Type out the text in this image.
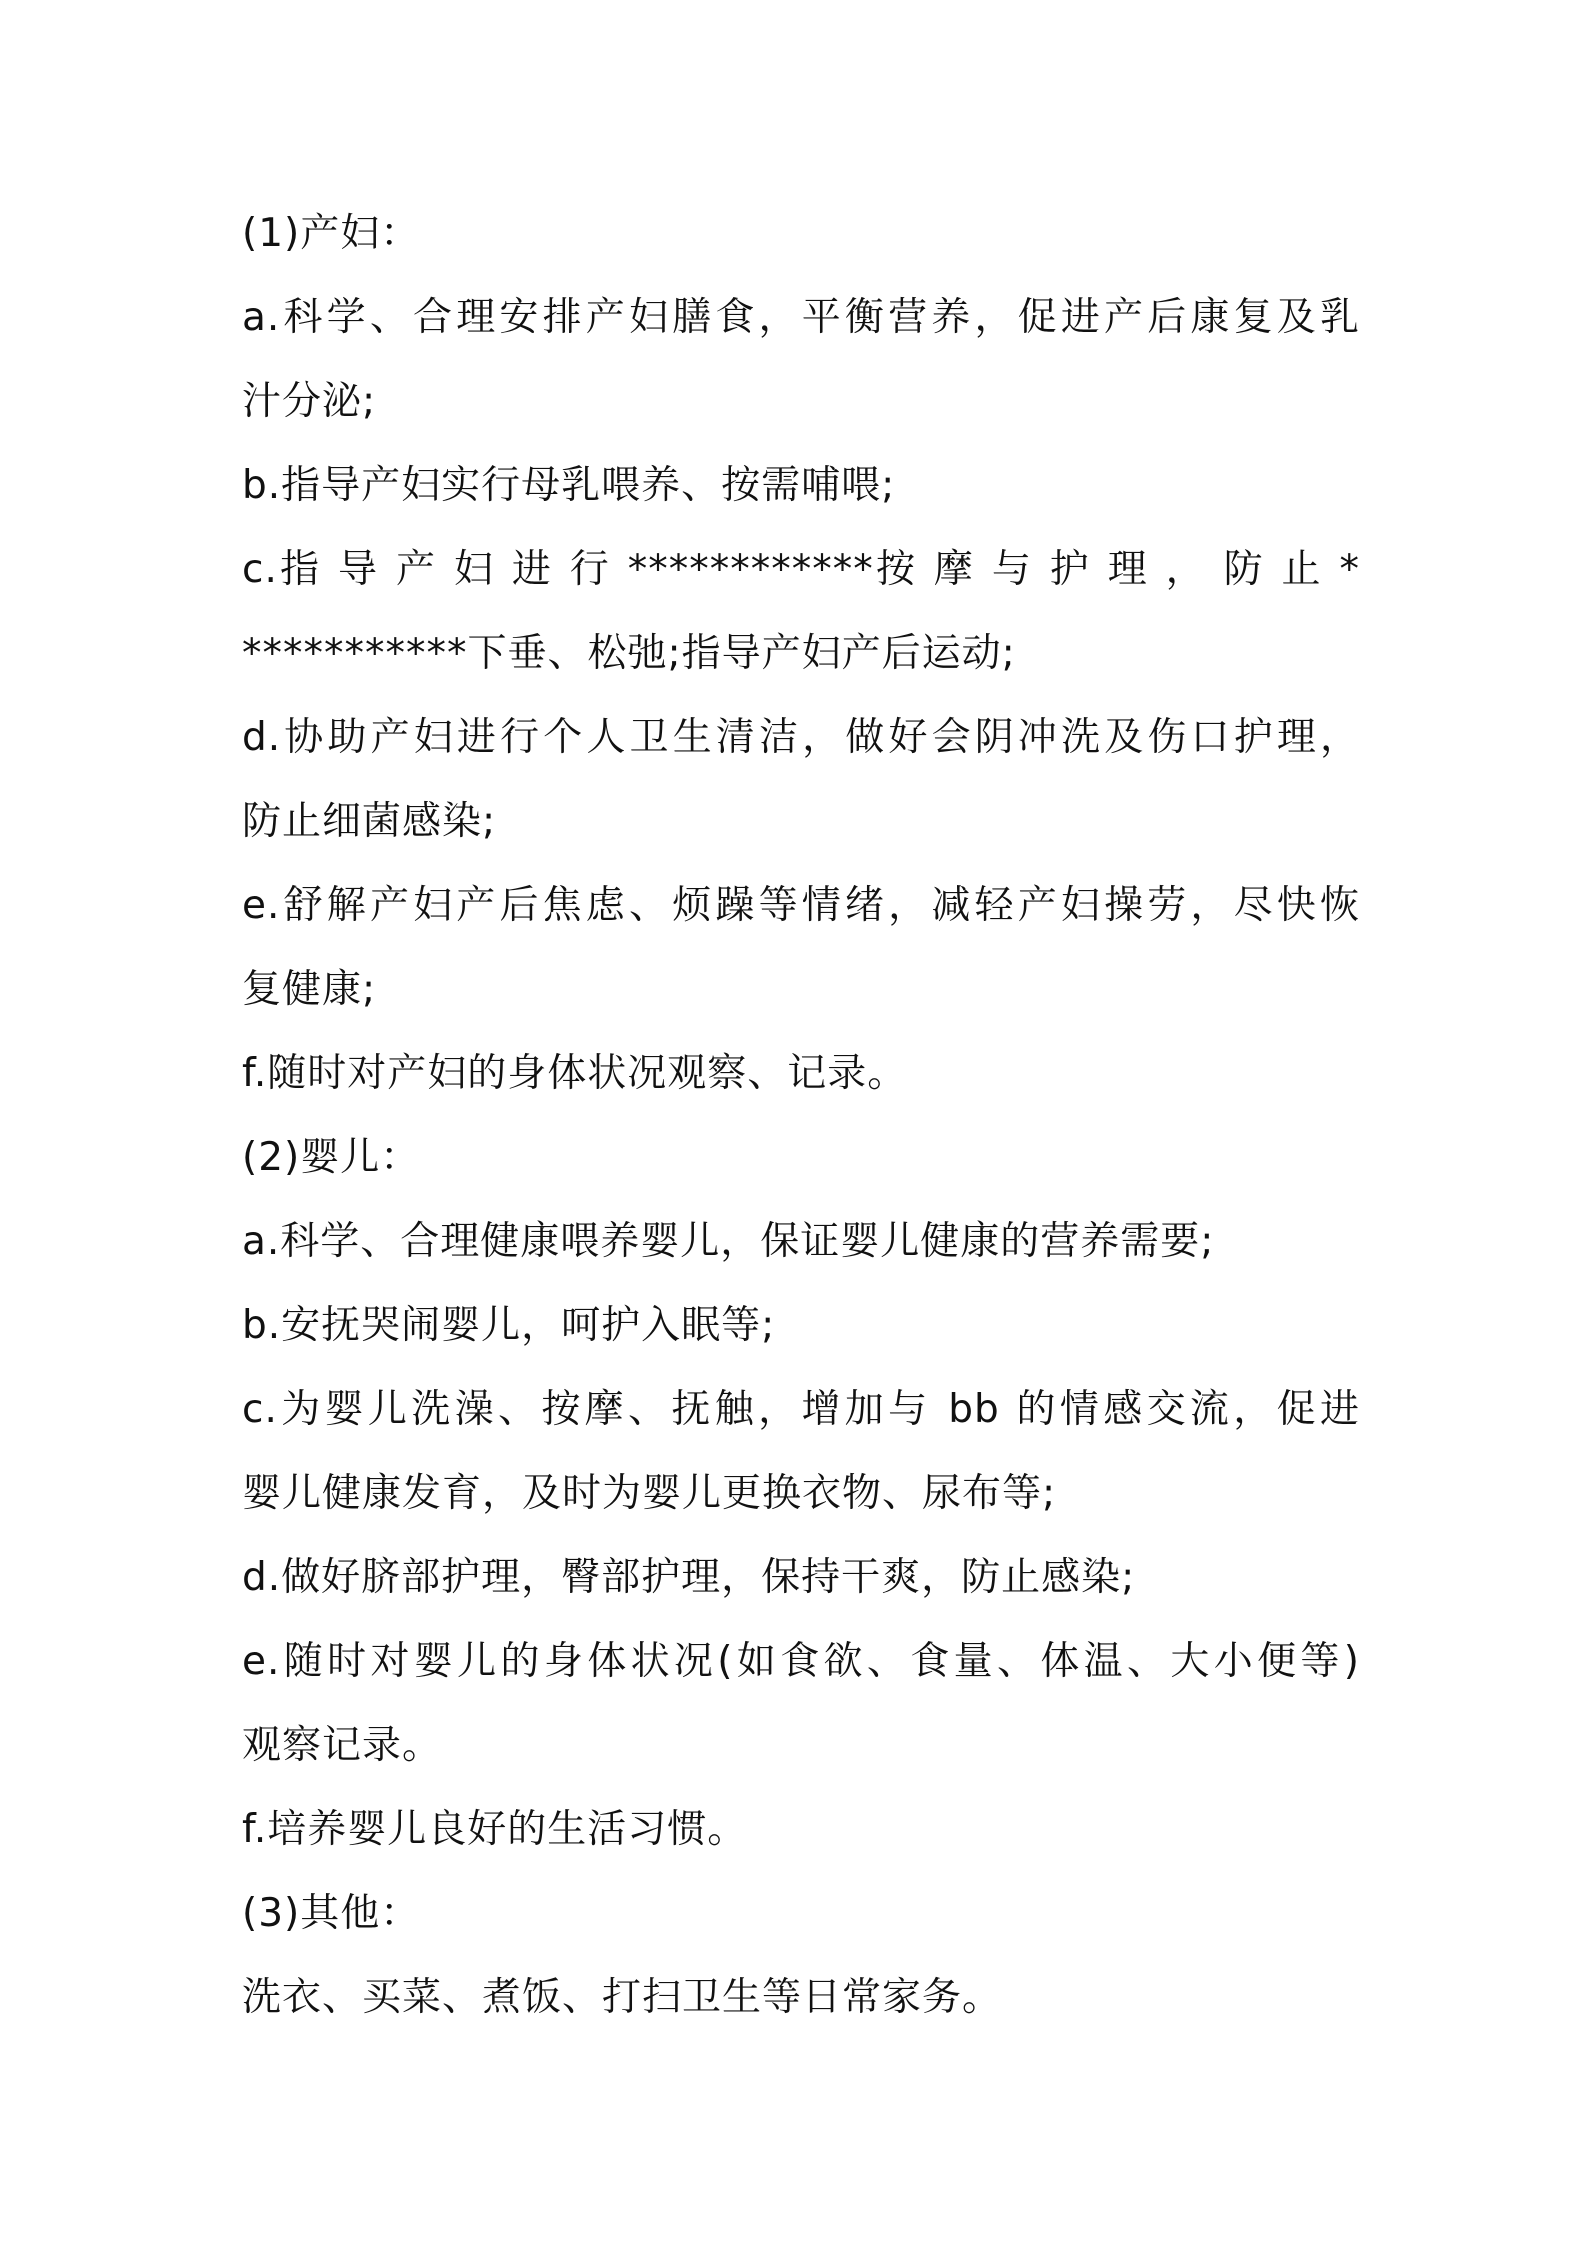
(1)产妇：
a.科学、合理安排产妇膳食，平衡营养，促进产后康复及乳
汁分泌;
b.指导产妇实行母乳喂养、按需哺喂;
c.指 导 产 妇 进 行 ************按 摩 与 护 理 ， 防 止 *
***********下垂、松弛;指导产妇产后运动;
d.协助产妇进行个人卫生清洁，做好会阴冲洗及伤口护理，
防止细菌感染;
e.舒解产妇产后焦虑、烦躁等情绪，减轻产妇操劳，尽快恢
复健康;
f.随时对产妇的身体状况观察、记录。
(2)婴儿：
a.科学、合理健康喂养婴儿，保证婴儿健康的营养需要;
b.安抚哭闹婴儿，呵护入眠等;
c.为婴儿洗澡、按摩、抚触，增加与 bb 的情感交流，促进
婴儿健康发育，及时为婴儿更换衣物、尿布等;
d.做好脐部护理，臀部护理，保持干爽，防止感染;
e.随时对婴儿的身体状况(如食欲、食量、体温、大小便等)
观察记录。
f.培养婴儿良好的生活习惯。
(3)其他：
洗衣、买菜、煮饭、打扫卫生等日常家务。
